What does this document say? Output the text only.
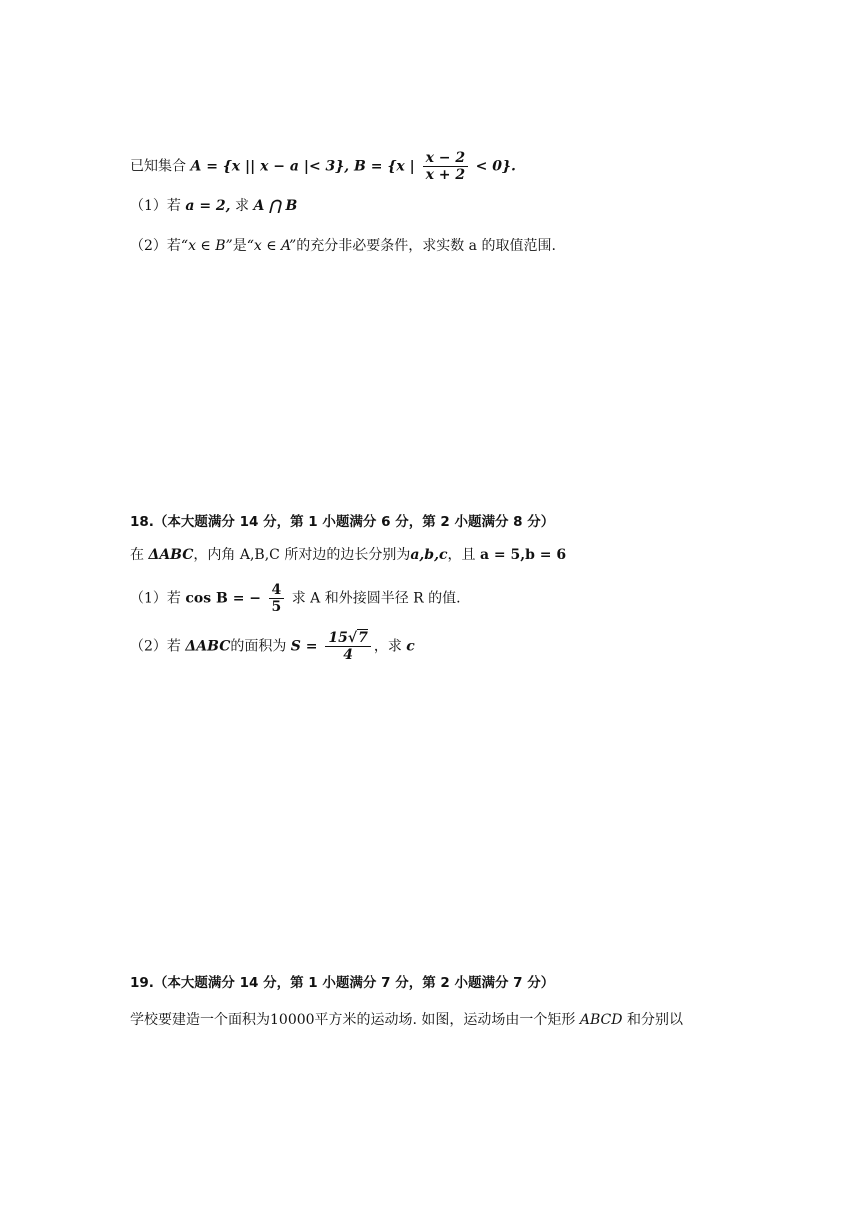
已知集合 A = {x || x − a |< 3}, B = {x | $\frac{x - 2}{x + 2} < 0$}.
（1）若 a = 2, 求 A ⋂ B
（2）若“x ∈ B”是“x ∈ A”的充分非必要条件，求实数 a 的取值范围.
18.（本大题满分 14 分，第 1 小题满分 6 分，第 2 小题满分 8 分）
在 ΔABC，内角 A,B,C 所对边的边长分别为a,b,c，且 a = 5,b = 6
（1）若 cos B = − $\frac{4}{5}$ 求 A 和外接圆半径 R 的值.
（2）若 ΔABC的面积为 $S = \frac{15√7}{4}$ ，求 c
19.（本大题满分 14 分，第 1 小题满分 7 分，第 2 小题满分 7 分）
学校要建造一个面积为10000平方米的运动场. 如图，运动场由一个矩形 ABCD 和分别以
